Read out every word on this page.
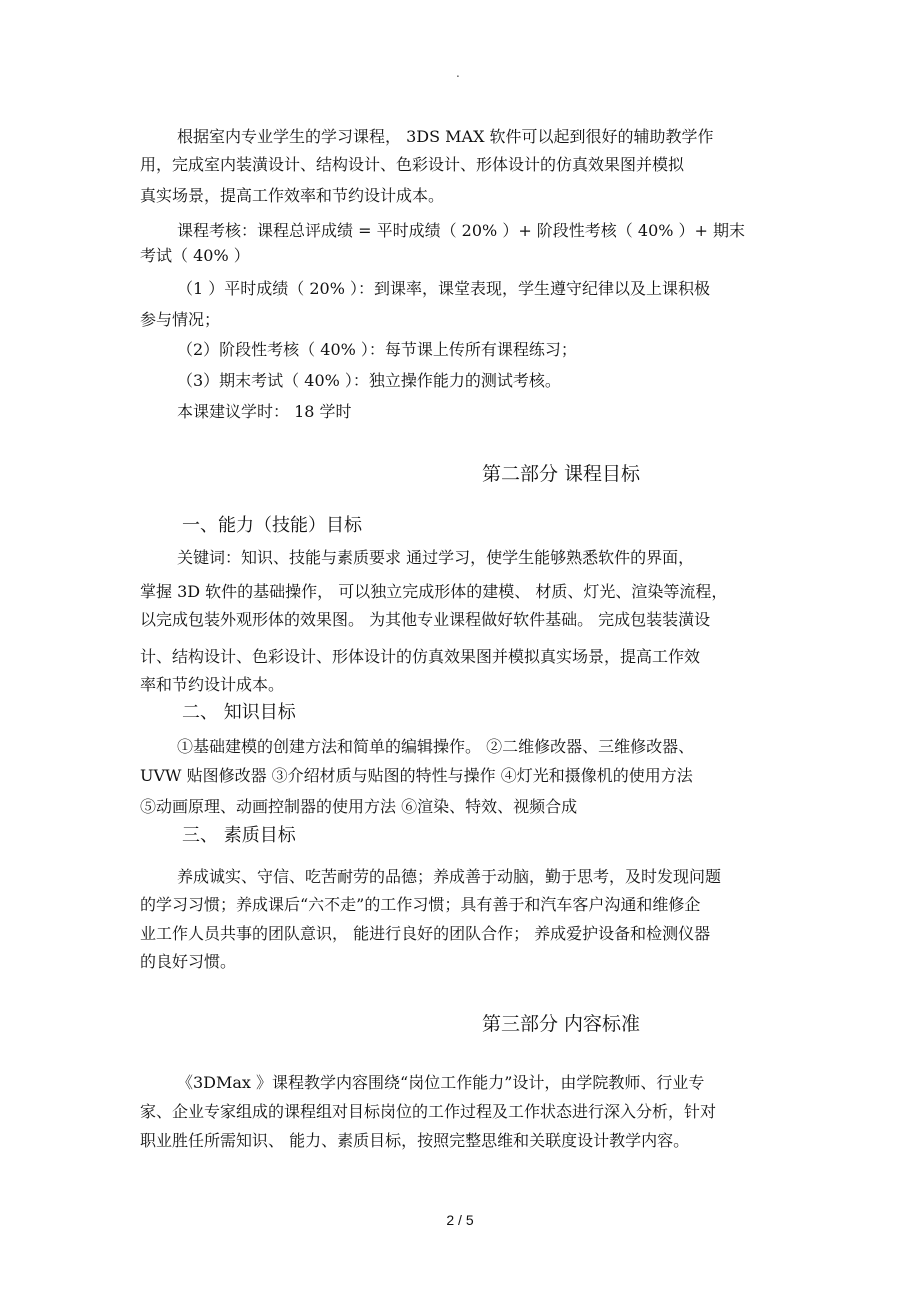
.
根据室内专业学生的学习课程， 3DS MAX 软件可以起到很好的辅助教学作
用，完成室内装潢设计、结构设计、色彩设计、形体设计的仿真效果图并模拟
真实场景，提高工作效率和节约设计成本。
课程考核：课程总评成绩 = 平时成绩（ 20% ）+ 阶段性考核（ 40% ）+ 期末
考试（ 40% ）
（1 ）平时成绩（ 20% ）：到课率，课堂表现，学生遵守纪律以及上课积极
参与情况；
（2）阶段性考核（ 40% ）：每节课上传所有课程练习；
（3）期末考试（ 40% ）：独立操作能力的测试考核。
本课建议学时： 18 学时
第二部分 课程目标
一、能力（技能）目标
关键词：知识、技能与素质要求 通过学习，使学生能够熟悉软件的界面，
掌握 3D 软件的基础操作， 可以独立完成形体的建模、 材质、灯光、渲染等流程，
以完成包装外观形体的效果图。 为其他专业课程做好软件基础。 完成包装装潢设
计、结构设计、色彩设计、形体设计的仿真效果图并模拟真实场景，提高工作效
率和节约设计成本。
二、 知识目标
①基础建模的创建方法和简单的编辑操作。 ②二维修改器、三维修改器、
UVW 贴图修改器 ③介绍材质与贴图的特性与操作 ④灯光和摄像机的使用方法
⑤动画原理、动画控制器的使用方法 ⑥渲染、特效、视频合成
三、 素质目标
养成诚实、守信、吃苦耐劳的品德；养成善于动脑，勤于思考，及时发现问题
的学习习惯；养成课后“六不走”的工作习惯；具有善于和汽车客户沟通和维修企
业工作人员共事的团队意识， 能进行良好的团队合作； 养成爱护设备和检测仪器
的良好习惯。
第三部分 内容标准
《3DMax 》课程教学内容围绕“岗位工作能力”设计，由学院教师、行业专
家、企业专家组成的课程组对目标岗位的工作过程及工作状态进行深入分析，针对
职业胜任所需知识、 能力、素质目标，按照完整思维和关联度设计教学内容。
2 / 5
